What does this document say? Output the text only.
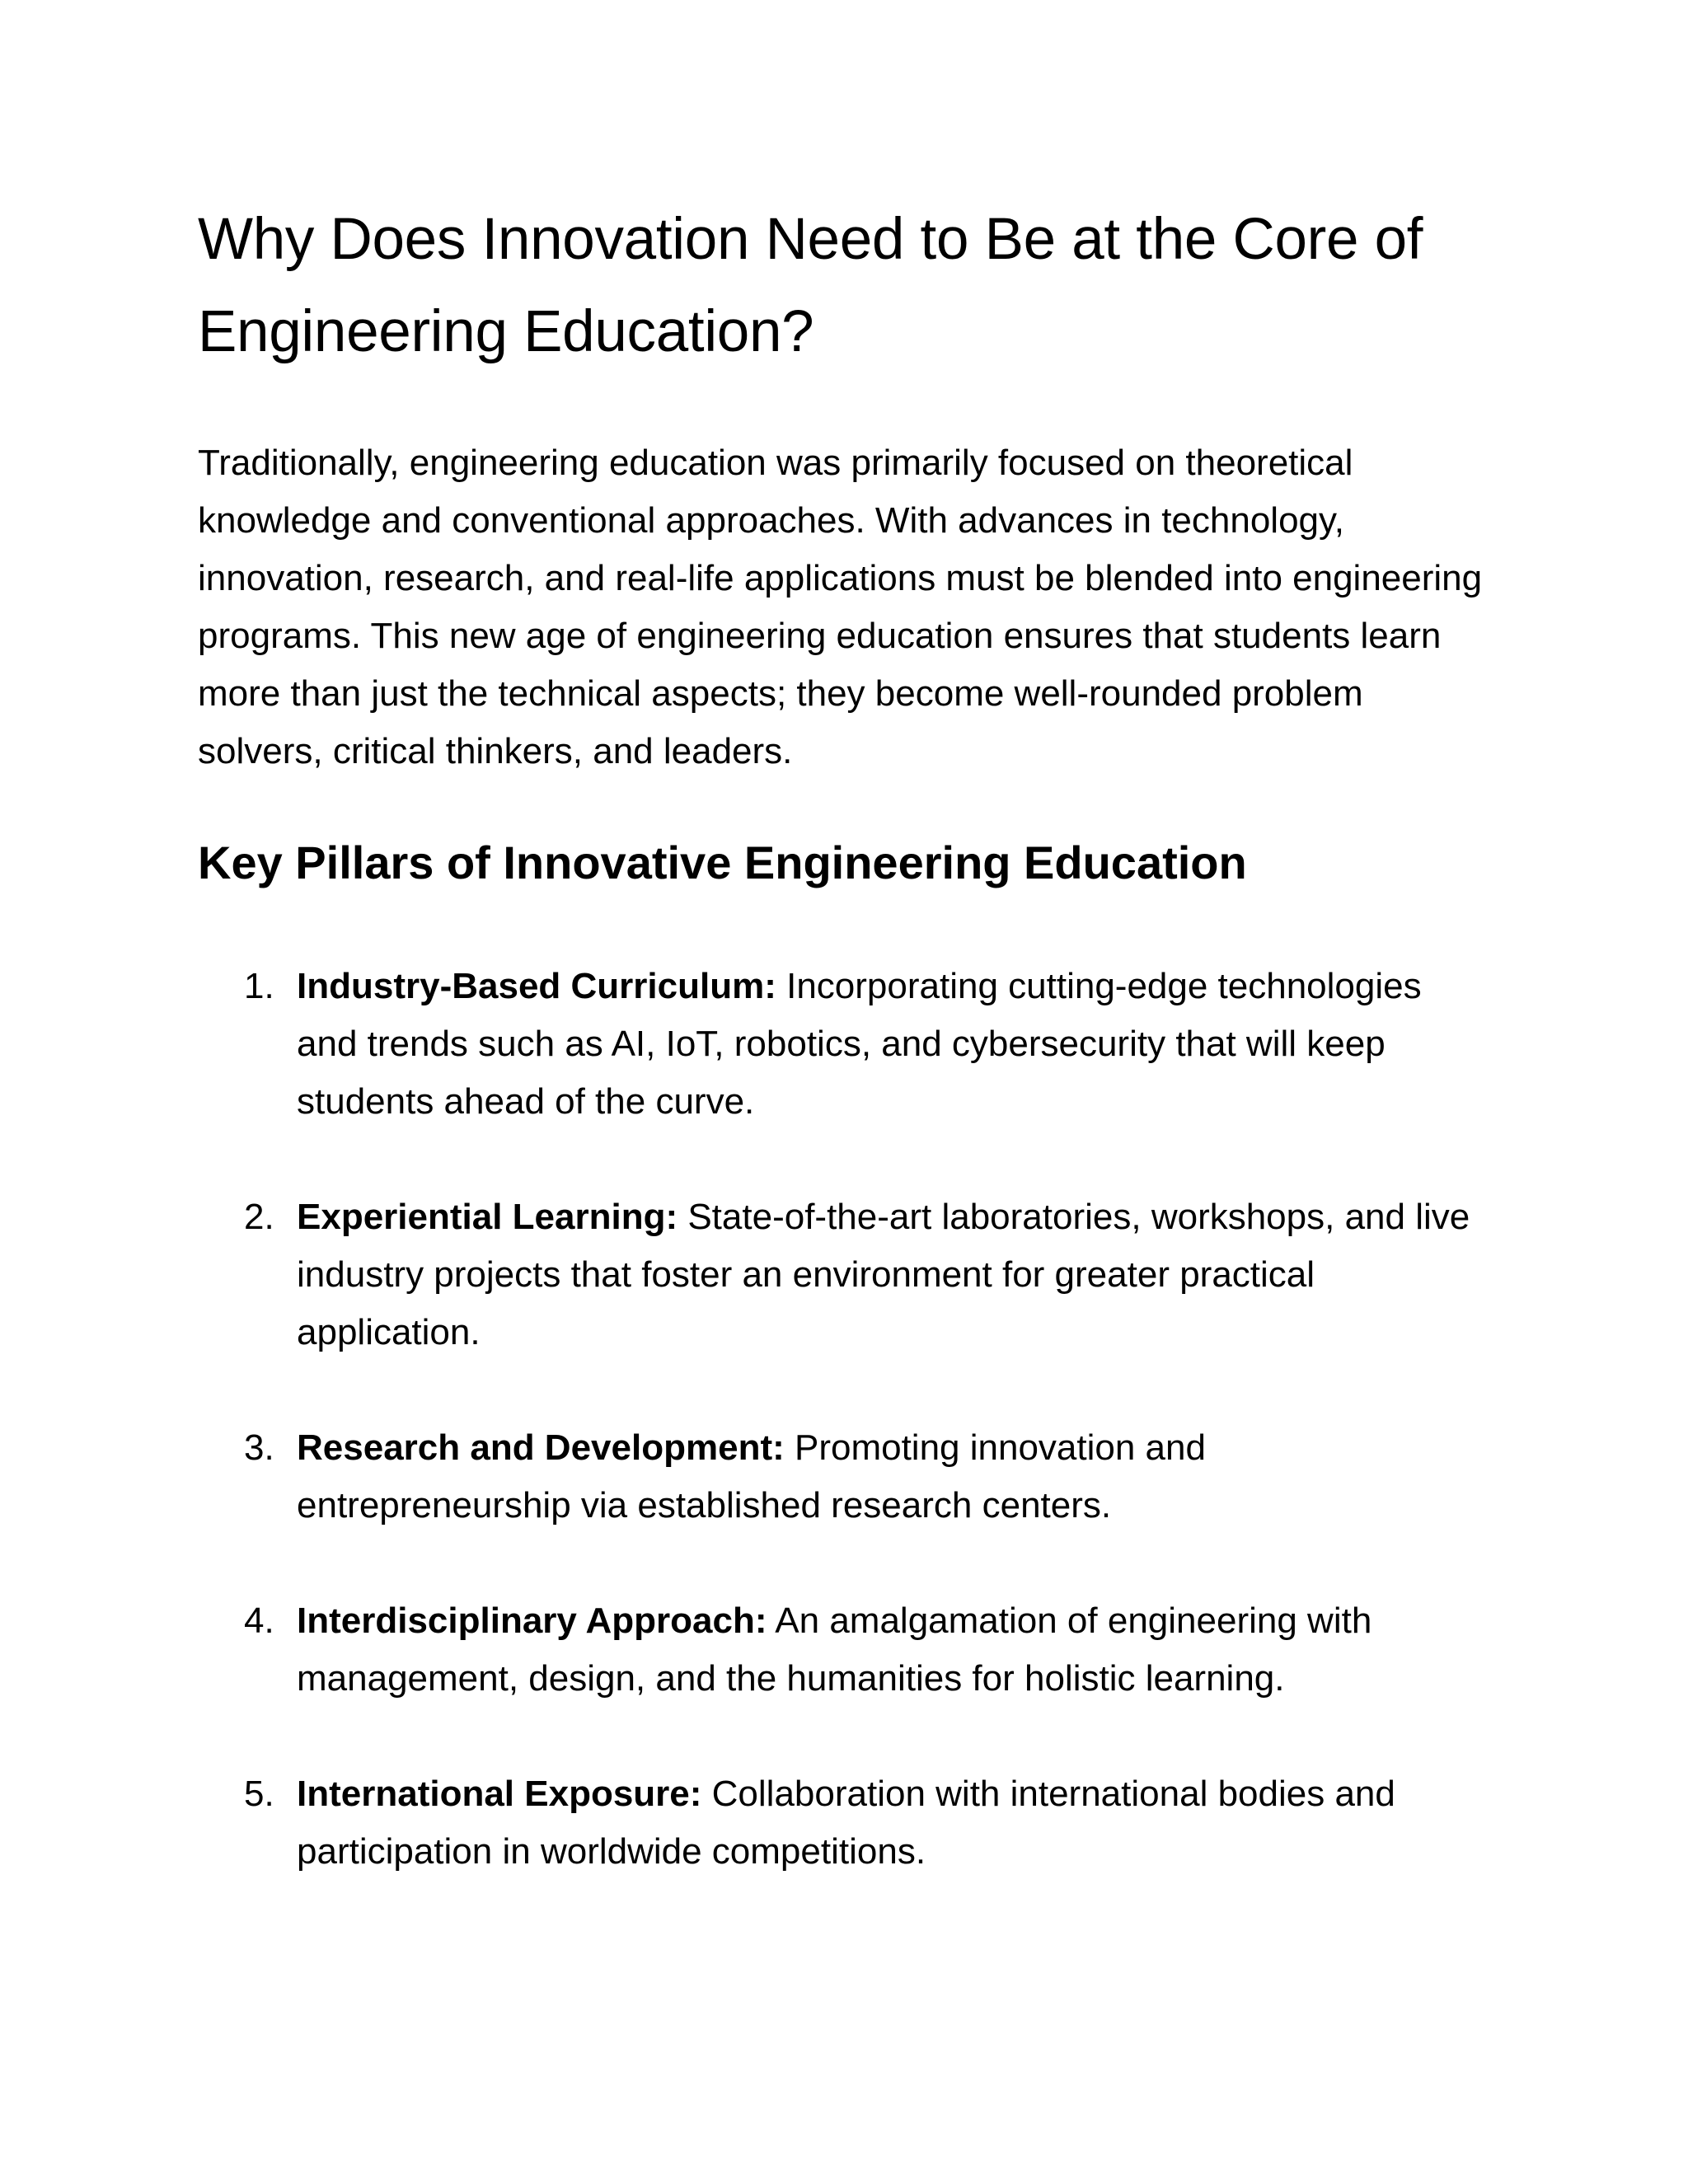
Why Does Innovation Need to Be at the Core of Engineering Education?

Traditionally, engineering education was primarily focused on theoretical knowledge and conventional approaches. With advances in technology, innovation, research, and real-life applications must be blended into engineering programs. This new age of engineering education ensures that students learn more than just the technical aspects; they become well-rounded problem solvers, critical thinkers, and leaders.

Key Pillars of Innovative Engineering Education
1. Industry-Based Curriculum: Incorporating cutting-edge technologies and trends such as AI, IoT, robotics, and cybersecurity that will keep students ahead of the curve.
2. Experiential Learning: State-of-the-art laboratories, workshops, and live industry projects that foster an environment for greater practical application.
3. Research and Development: Promoting innovation and entrepreneurship via established research centers.
4. Interdisciplinary Approach: An amalgamation of engineering with management, design, and the humanities for holistic learning.
5. International Exposure: Collaboration with international bodies and participation in worldwide competitions.
